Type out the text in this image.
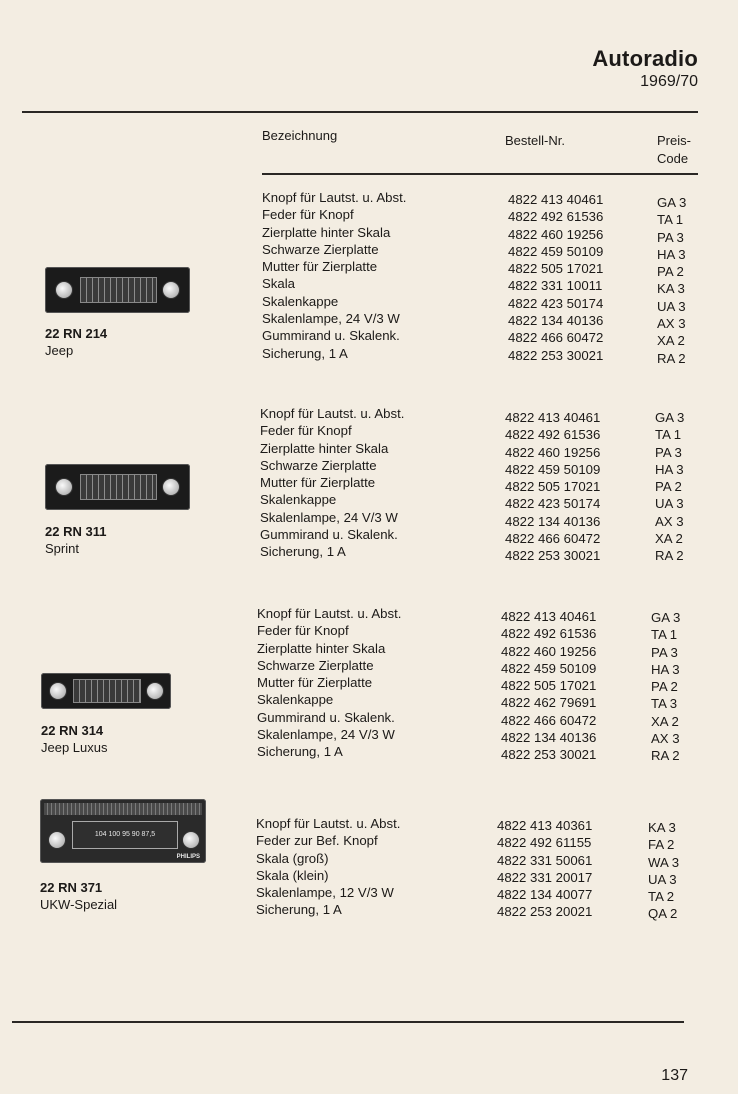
Autoradio
1969/70
Bezeichnung	Bestell-Nr.	Preis-
Code
22 RN 214
Jeep
Knopf für Lautst. u. Abst.
Feder für Knopf
Zierplatte hinter Skala
Schwarze Zierplatte
Mutter für Zierplatte
Skala
Skalenkappe
Skalenlampe, 24 V/3 W
Gummirand u. Skalenk.
Sicherung, 1 A
4822 413 40461
4822 492 61536
4822 460 19256
4822 459 50109
4822 505 17021
4822 331 10011
4822 423 50174
4822 134 40136
4822 466 60472
4822 253 30021
GA 3
TA 1
PA 3
HA 3
PA 2
KA 3
UA 3
AX 3
XA 2
RA 2
22 RN 311
Sprint
Knopf für Lautst. u. Abst.
Feder für Knopf
Zierplatte hinter Skala
Schwarze Zierplatte
Mutter für Zierplatte
Skalenkappe
Skalenlampe, 24 V/3 W
Gummirand u. Skalenk.
Sicherung, 1 A
4822 413 40461
4822 492 61536
4822 460 19256
4822 459 50109
4822 505 17021
4822 423 50174
4822 134 40136
4822 466 60472
4822 253 30021
GA 3
TA 1
PA 3
HA 3
PA 2
UA 3
AX 3
XA 2
RA 2
22 RN 314
Jeep Luxus
Knopf für Lautst. u. Abst.
Feder für Knopf
Zierplatte hinter Skala
Schwarze Zierplatte
Mutter für Zierplatte
Skalenkappe
Gummirand u. Skalenk.
Skalenlampe, 24 V/3 W
Sicherung, 1 A
4822 413 40461
4822 492 61536
4822 460 19256
4822 459 50109
4822 505 17021
4822 462 79691
4822 466 60472
4822 134 40136
4822 253 30021
GA 3
TA 1
PA 3
HA 3
PA 2
TA 3
XA 2
AX 3
RA 2
104 100 95 90 87,5
PHILIPS
22 RN 371
UKW-Spezial
Knopf für Lautst. u. Abst.
Feder zur Bef. Knopf
Skala (groß)
Skala (klein)
Skalenlampe, 12 V/3 W
Sicherung, 1 A
4822 413 40361
4822 492 61155
4822 331 50061
4822 331 20017
4822 134 40077
4822 253 20021
KA 3
FA 2
WA 3
UA 3
TA 2
QA 2
137
